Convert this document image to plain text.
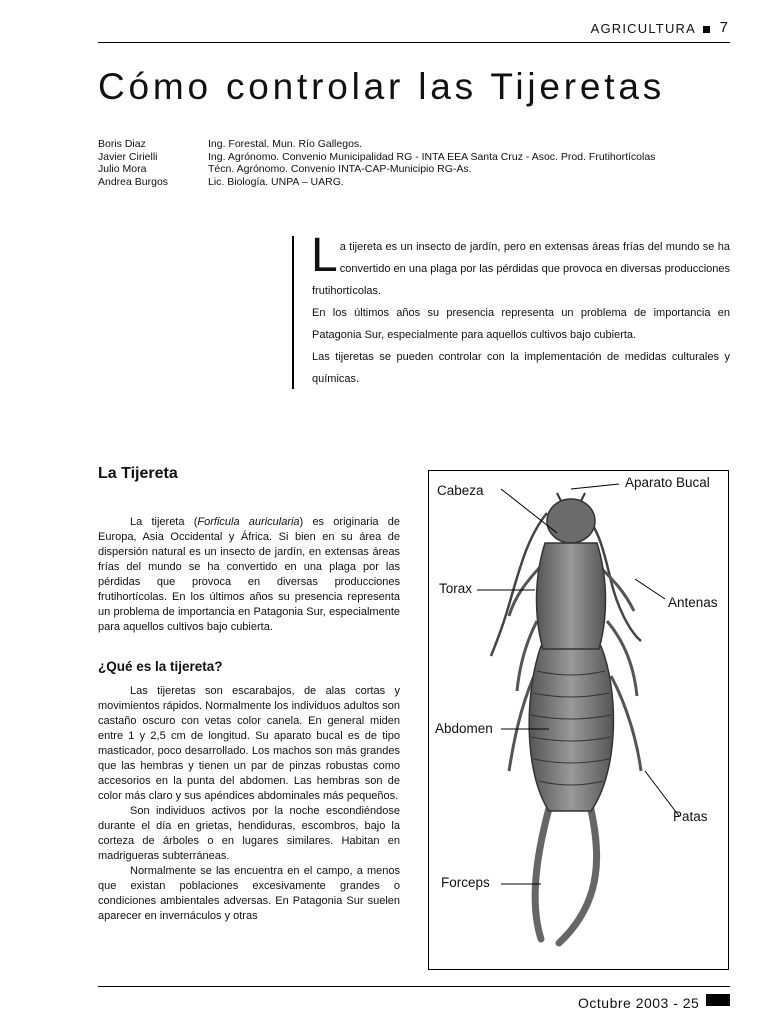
AGRICULTURA 7
Cómo controlar las Tijeretas
Boris Diaz	Ing. Forestal. Mun. Río Gallegos.
Javier Cirielli	Ing. Agrónomo. Convenio Municipalidad RG - INTA EEA Santa Cruz - Asoc. Prod. Frutihortícolas
Julio Mora	Técn. Agrónomo. Convenio INTA-CAP-Municipio RG-As.
Andrea Burgos	Lic. Biología. UNPA – UARG.

La tijereta es un insecto de jardín, pero en extensas áreas frías del mundo se ha convertido en una plaga por las pérdidas que provoca en diversas producciones frutihortícolas.

En los últimos años su presencia representa un problema de importancia en Patagonia Sur, especialmente para aquellos cultivos bajo cubierta.

Las tijeretas se pueden controlar con la implementación de medidas culturales y químicas.

La Tijereta

La tijereta (Forficula auricularia) es originaria de Europa, Asia Occidental y África. Si bien en su área de dispersión natural es un insecto de jardín, en extensas áreas frías del mundo se ha convertido en una plaga por las pérdidas que provoca en diversas producciones frutihortícolas. En los últimos años su presencia representa un problema de importancia en Patagonia Sur, especialmente para aquellos cultivos bajo cubierta.

¿Qué es la tijereta?

Las tijeretas son escarabajos, de alas cortas y movimientos rápidos. Normalmente los individuos adultos son castaño oscuro con vetas color canela. En general miden entre 1 y 2,5 cm de longitud. Su aparato bucal es de tipo masticador, poco desarrollado. Los machos son más grandes que las hembras y tienen un par de pinzas robustas como accesorios en la punta del abdomen. Las hembras son de color más claro y sus apéndices abdominales más pequeños.

Son individuos activos por la noche escondiéndose durante el día en grietas, hendiduras, escombros, bajo la corteza de árboles o en lugares similares. Habitan en madrigueras subterráneas.

Normalmente se las encuentra en el campo, a menos que existan poblaciones excesivamente grandes o condiciones ambientales adversas. En Patagonia Sur suelen aparecer en invernáculos y otras

Cabeza
Aparato Bucal
Torax
Antenas
Abdomen
Patas
Forceps
Octubre 2003 - 25
